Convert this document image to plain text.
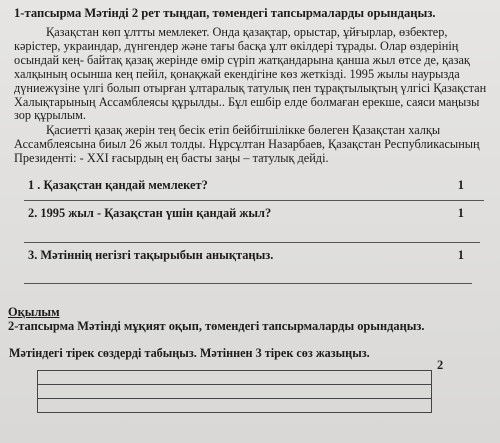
1-тапсырма Мәтінді 2 рет тыңдап, төмендегі тапсырмаларды орындаңыз.
Қазақстан көп ұлтты мемлекет. Онда қазақтар, орыстар, ұйғырлар, өзбектер,
кәрістер, украиндар, дүнгендер және тағы басқа ұлт өкілдері тұрады. Олар өздерінің
осындай кең- байтақ қазақ жерінде өмір сүріп жатқандарына қанша жыл өтсе де, қазақ
халқының осынша кең пейіл, қонақжай екендігіне көз жеткізді. 1995 жылы наурызда
дүниежүзіне үлгі болып отырған ұлтаралық татулық пен тұрақтылықтың үлгісі Қазақстан
Халықтарының Ассамблеясы құрылды.. Бұл ешбір елде болмаған ерекше, саяси маңызы
зор құрылым.
Қасиетті қазақ жерін тең бесік етіп бейбітшілікке бөлеген Қазақстан халқы
Ассамблеясына биыл 26 жыл толды. Нұрсұлтан Назарбаев, Қазақстан Республикасының
Президенті: - ХХІ ғасырдың ең басты заңы – татулық дейді.
1 . Қазақстан қандай мемлекет?	1
2. 1995 жыл - Қазақстан үшін қандай жыл?	1
3. Мәтіннің негізгі тақырыбын анықтаңыз.	1
Оқылым
2-тапсырма Мәтінді мұқият оқып, төмендегі тапсырмаларды орындаңыз.
Мәтіндегі тірек сөздерді табыңыз. Мәтіннен 3 тірек сөз жазыңыз.
2
